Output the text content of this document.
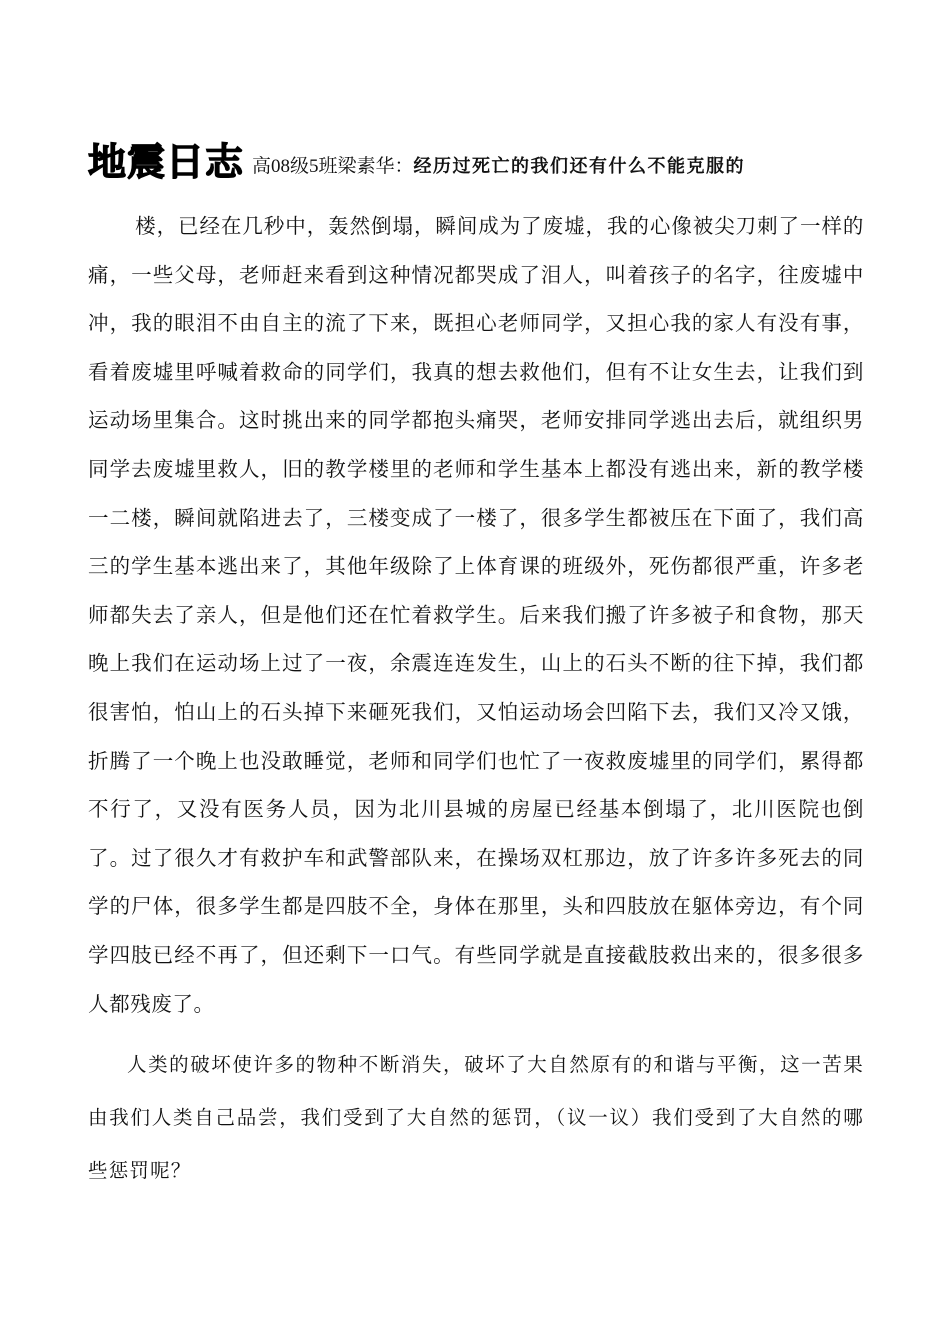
地震日志 高08级5班梁素华： 经历过死亡的我们还有什么不能克服的

楼，已经在几秒中，轰然倒塌，瞬间成为了废墟，我的心像被尖刀刺了一样的痛，一些父母，老师赶来看到这种情况都哭成了泪人，叫着孩子的名字，往废墟中冲，我的眼泪不由自主的流了下来，既担心老师同学，又担心我的家人有没有事，看着废墟里呼喊着救命的同学们，我真的想去救他们，但有不让女生去，让我们到运动场里集合。这时挑出来的同学都抱头痛哭，老师安排同学逃出去后，就组织男同学去废墟里救人，旧的教学楼里的老师和学生基本上都没有逃出来，新的教学楼一二楼，瞬间就陷进去了，三楼变成了一楼了，很多学生都被压在下面了，我们高三的学生基本逃出来了，其他年级除了上体育课的班级外，死伤都很严重，许多老师都失去了亲人，但是他们还在忙着救学生。后来我们搬了许多被子和食物，那天晚上我们在运动场上过了一夜，余震连连发生，山上的石头不断的往下掉，我们都很害怕，怕山上的石头掉下来砸死我们，又怕运动场会凹陷下去，我们又冷又饿，折腾了一个晚上也没敢睡觉，老师和同学们也忙了一夜救废墟里的同学们，累得都不行了，又没有医务人员，因为北川县城的房屋已经基本倒塌了，北川医院也倒了。过了很久才有救护车和武警部队来，在操场双杠那边，放了许多许多死去的同学的尸体，很多学生都是四肢不全，身体在那里，头和四肢放在躯体旁边，有个同学四肢已经不再了，但还剩下一口气。有些同学就是直接截肢救出来的，很多很多人都残废了。

人类的破坏使许多的物种不断消失，破坏了大自然原有的和谐与平衡，这一苦果由我们人类自己品尝，我们受到了大自然的惩罚，（议一议）我们受到了大自然的哪些惩罚呢？
